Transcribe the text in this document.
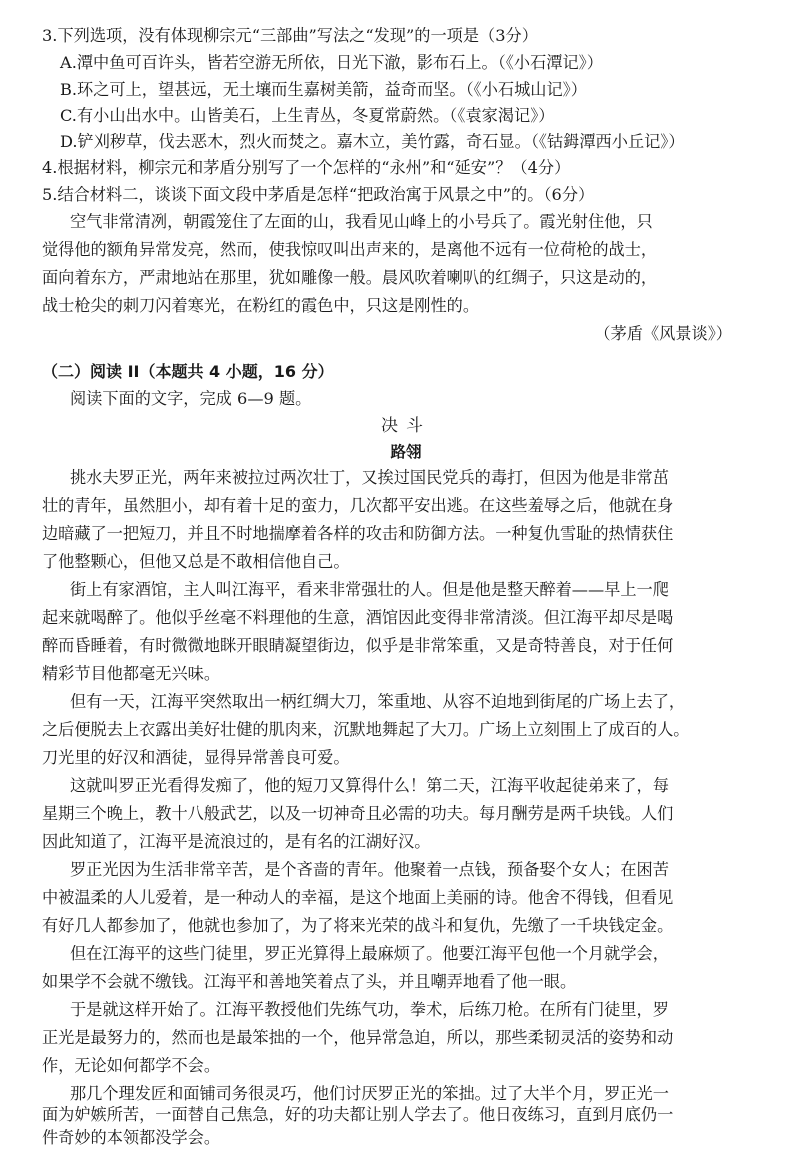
3.下列选项，没有体现柳宗元“三部曲”写法之“发现”的一项是（3分）
A.潭中鱼可百许头，皆若空游无所依，日光下澈，影布石上。（《小石潭记》）
B.环之可上，望甚远，无土壤而生嘉树美箭，益奇而坚。（《小石城山记》）
C.有小山出水中。山皆美石，上生青丛，冬夏常蔚然。（《袁家渴记》）
D.铲刈秽草，伐去恶木，烈火而焚之。嘉木立，美竹露，奇石显。（《钴鉧潭西小丘记》）
4.根据材料，柳宗元和茅盾分别写了一个怎样的“永州”和“延安”？（4分）
5.结合材料二，谈谈下面文段中茅盾是怎样“把政治寓于风景之中”的。（6分）
空气非常清冽，朝霞笼住了左面的山，我看见山峰上的小号兵了。霞光射住他，只
觉得他的额角异常发亮，然而，使我惊叹叫出声来的，是离他不远有一位荷枪的战士，
面向着东方，严肃地站在那里，犹如雕像一般。晨风吹着喇叭的红绸子，只这是动的，
战士枪尖的刺刀闪着寒光，在粉红的霞色中，只这是刚性的。
（茅盾《风景谈》）
（二）阅读 II（本题共 4 小题，16 分）
阅读下面的文字，完成 6—9 题。
决斗
路翎
挑水夫罗正光，两年来被拉过两次壮丁，又挨过国民党兵的毒打，但因为他是非常茁
壮的青年，虽然胆小，却有着十足的蛮力，几次都平安出逃。在这些羞辱之后，他就在身
边暗藏了一把短刀，并且不时地揣摩着各样的攻击和防御方法。一种复仇雪耻的热情获住
了他整颗心，但他又总是不敢相信他自己。
街上有家酒馆，主人叫江海平，看来非常强壮的人。但是他是整天醉着——早上一爬
起来就喝醉了。他似乎丝毫不料理他的生意，酒馆因此变得非常清淡。但江海平却尽是喝
醉而昏睡着，有时微微地眯开眼睛凝望街边，似乎是非常笨重，又是奇特善良，对于任何
精彩节目他都毫无兴味。
但有一天，江海平突然取出一柄红绸大刀，笨重地、从容不迫地到街尾的广场上去了，
之后便脱去上衣露出美好壮健的肌肉来，沉默地舞起了大刀。广场上立刻围上了成百的人。
刀光里的好汉和酒徒，显得异常善良可爱。
这就叫罗正光看得发痴了，他的短刀又算得什么！第二天，江海平收起徒弟来了，每
星期三个晚上，教十八般武艺，以及一切神奇且必需的功夫。每月酬劳是两千块钱。人们
因此知道了，江海平是流浪过的，是有名的江湖好汉。
罗正光因为生活非常辛苦，是个吝啬的青年。他聚着一点钱，预备娶个女人；在困苦
中被温柔的人儿爱着，是一种动人的幸福，是这个地面上美丽的诗。他舍不得钱，但看见
有好几人都参加了，他就也参加了，为了将来光荣的战斗和复仇，先缴了一千块钱定金。
但在江海平的这些门徒里，罗正光算得上最麻烦了。他要江海平包他一个月就学会，
如果学不会就不缴钱。江海平和善地笑着点了头，并且嘲弄地看了他一眼。
于是就这样开始了。江海平教授他们先练气功，拳术，后练刀枪。在所有门徒里，罗
正光是最努力的，然而也是最笨拙的一个，他异常急迫，所以，那些柔韧灵活的姿势和动
作，无论如何都学不会。
那几个理发匠和面铺司务很灵巧，他们讨厌罗正光的笨拙。过了大半个月，罗正光一
面为妒嫉所苦，一面替自己焦急，好的功夫都让别人学去了。他日夜练习，直到月底仍一
件奇妙的本领都没学会。
